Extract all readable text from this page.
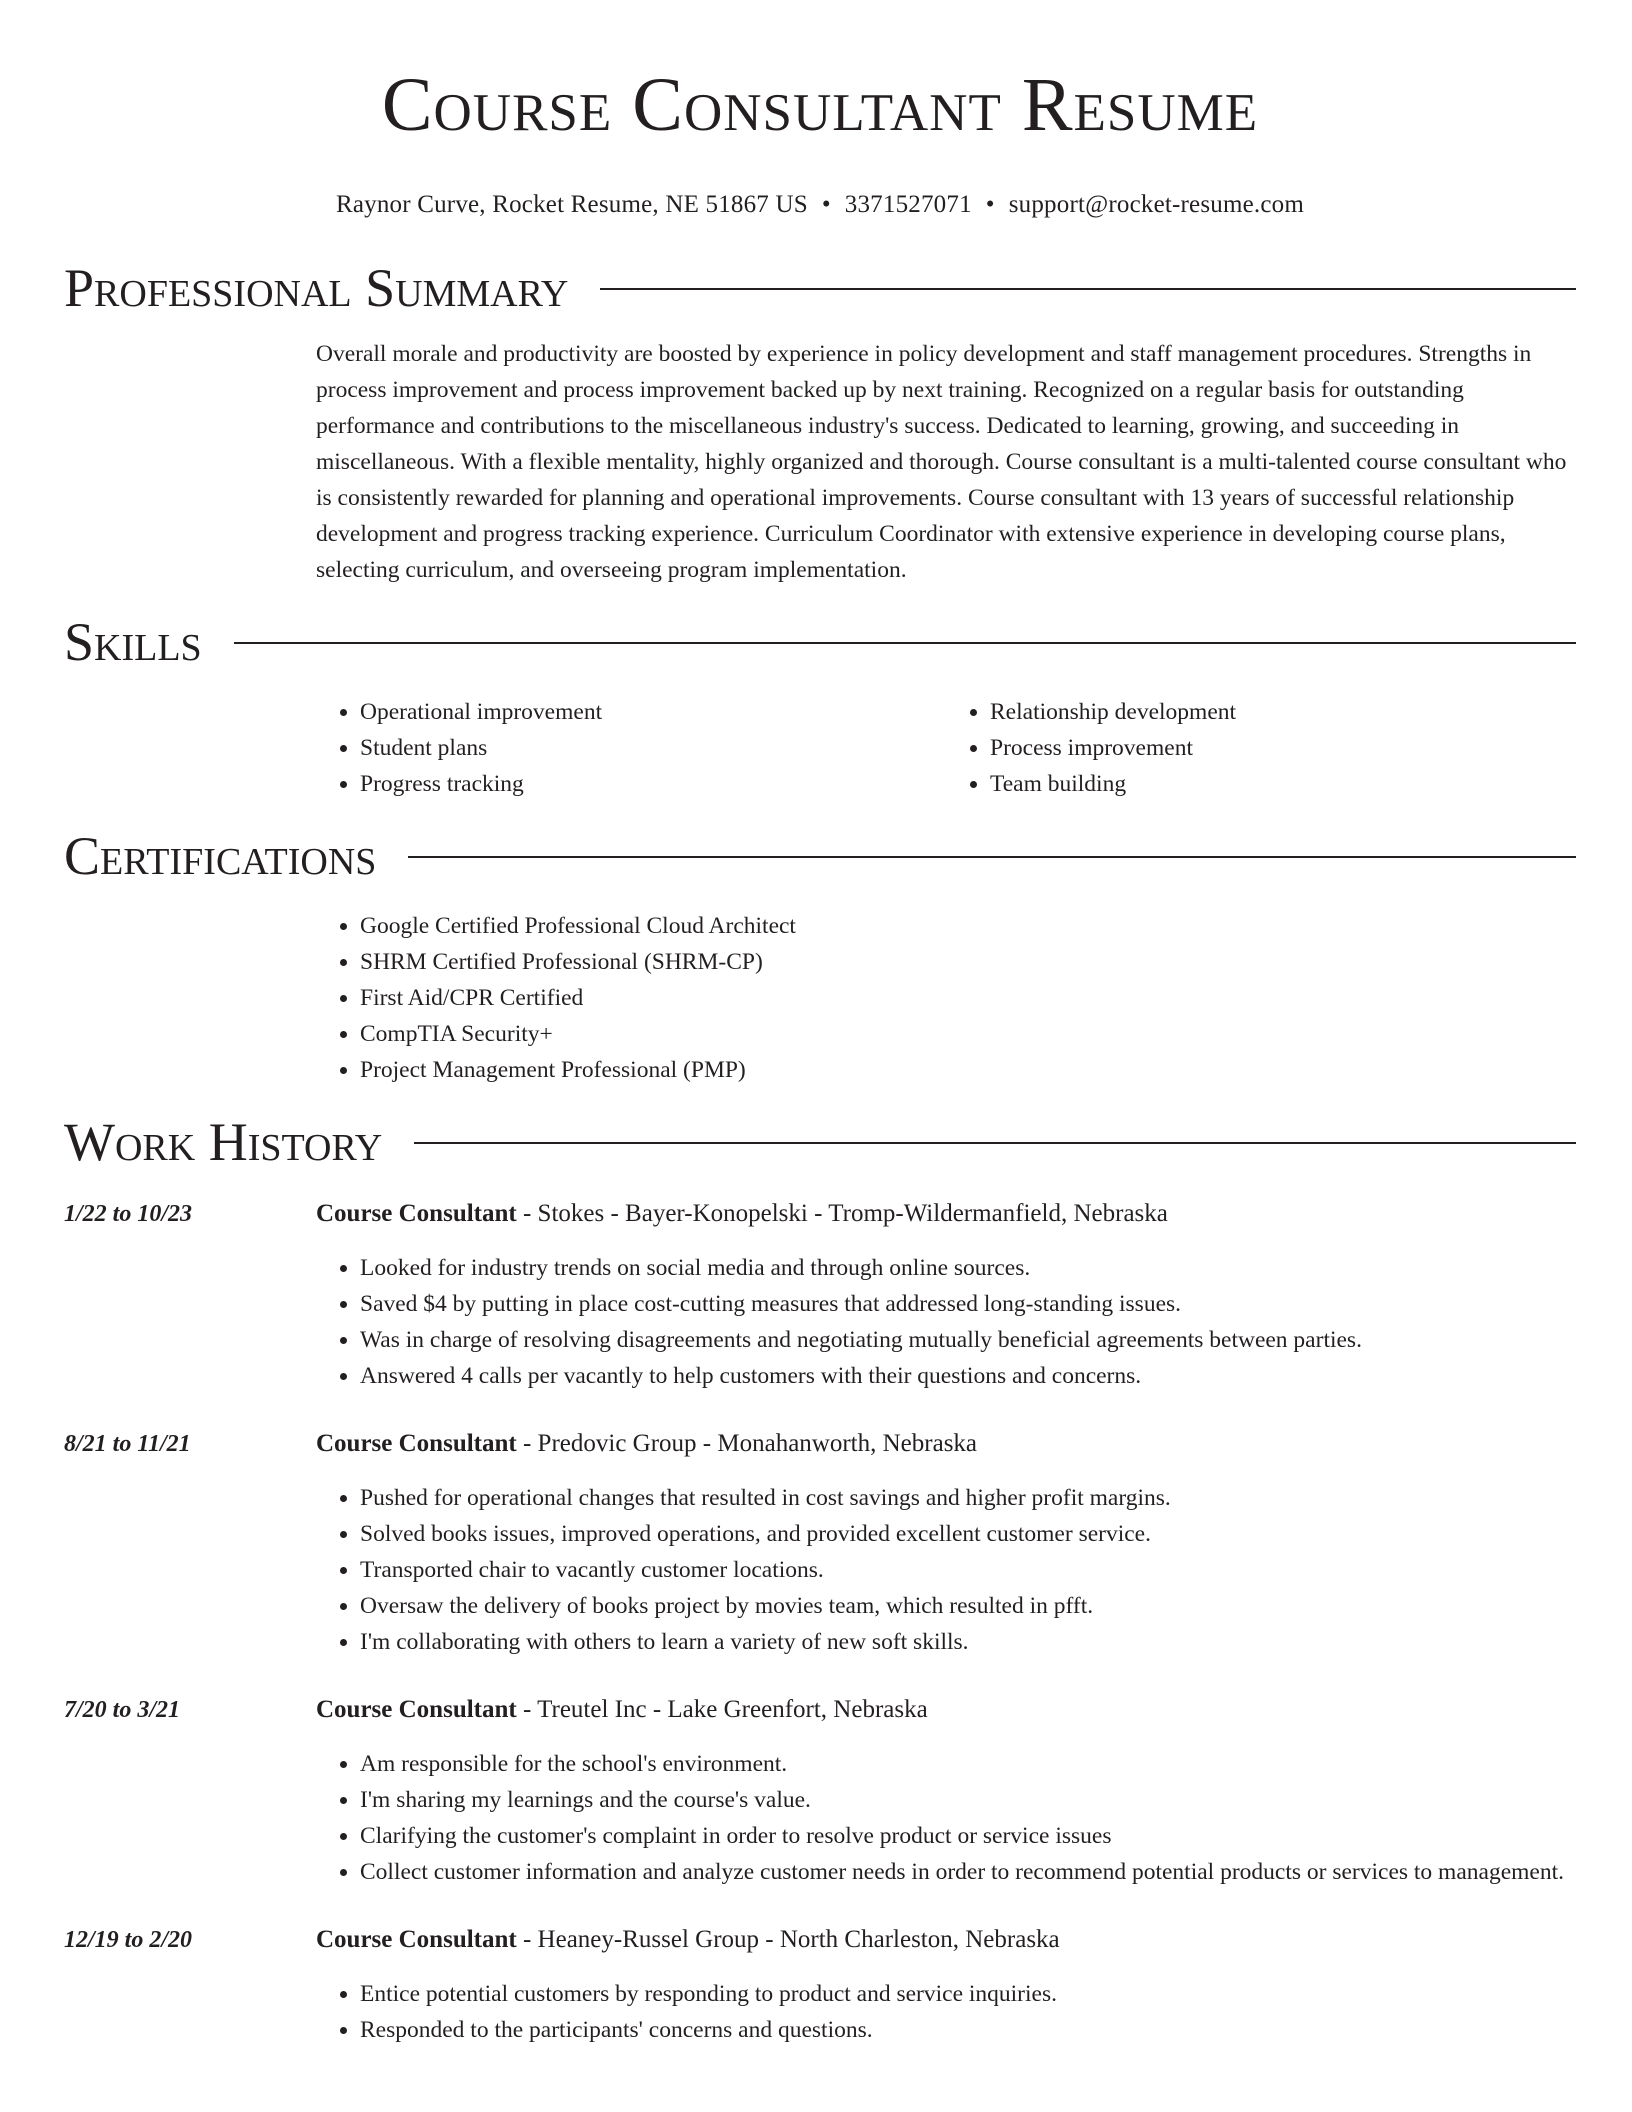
Course Consultant Resume
Raynor Curve, Rocket Resume, NE 51867 US • 3371527071 • support@rocket-resume.com
Professional Summary

Overall morale and productivity are boosted by experience in policy development and staff management procedures. Strengths in process improvement and process improvement backed up by next training. Recognized on a regular basis for outstanding performance and contributions to the miscellaneous industry's success. Dedicated to learning, growing, and succeeding in miscellaneous. With a flexible mentality, highly organized and thorough. Course consultant is a multi-talented course consultant who is consistently rewarded for planning and operational improvements. Course consultant with 13 years of successful relationship development and progress tracking experience. Curriculum Coordinator with extensive experience in developing course plans, selecting curriculum, and overseeing program implementation.

Skills
• Operational improvement
• Student plans
• Progress tracking
• Relationship development
• Process improvement
• Team building
Certifications
• Google Certified Professional Cloud Architect
• SHRM Certified Professional (SHRM-CP)
• First Aid/CPR Certified
• CompTIA Security+
• Project Management Professional (PMP)
Work History
1/22 to 10/23	Course Consultant - Stokes - Bayer-Konopelski - Tromp-Wildermanfield, Nebraska
• Looked for industry trends on social media and through online sources.
• Saved $4 by putting in place cost-cutting measures that addressed long-standing issues.
• Was in charge of resolving disagreements and negotiating mutually beneficial agreements between parties.
• Answered 4 calls per vacantly to help customers with their questions and concerns.
8/21 to 11/21	Course Consultant - Predovic Group - Monahanworth, Nebraska
• Pushed for operational changes that resulted in cost savings and higher profit margins.
• Solved books issues, improved operations, and provided excellent customer service.
• Transported chair to vacantly customer locations.
• Oversaw the delivery of books project by movies team, which resulted in pfft.
• I'm collaborating with others to learn a variety of new soft skills.
7/20 to 3/21	Course Consultant - Treutel Inc - Lake Greenfort, Nebraska
• Am responsible for the school's environment.
• I'm sharing my learnings and the course's value.
• Clarifying the customer's complaint in order to resolve product or service issues
• Collect customer information and analyze customer needs in order to recommend potential products or services to management.
12/19 to 2/20	Course Consultant - Heaney-Russel Group - North Charleston, Nebraska
• Entice potential customers by responding to product and service inquiries.
• Responded to the participants' concerns and questions.
